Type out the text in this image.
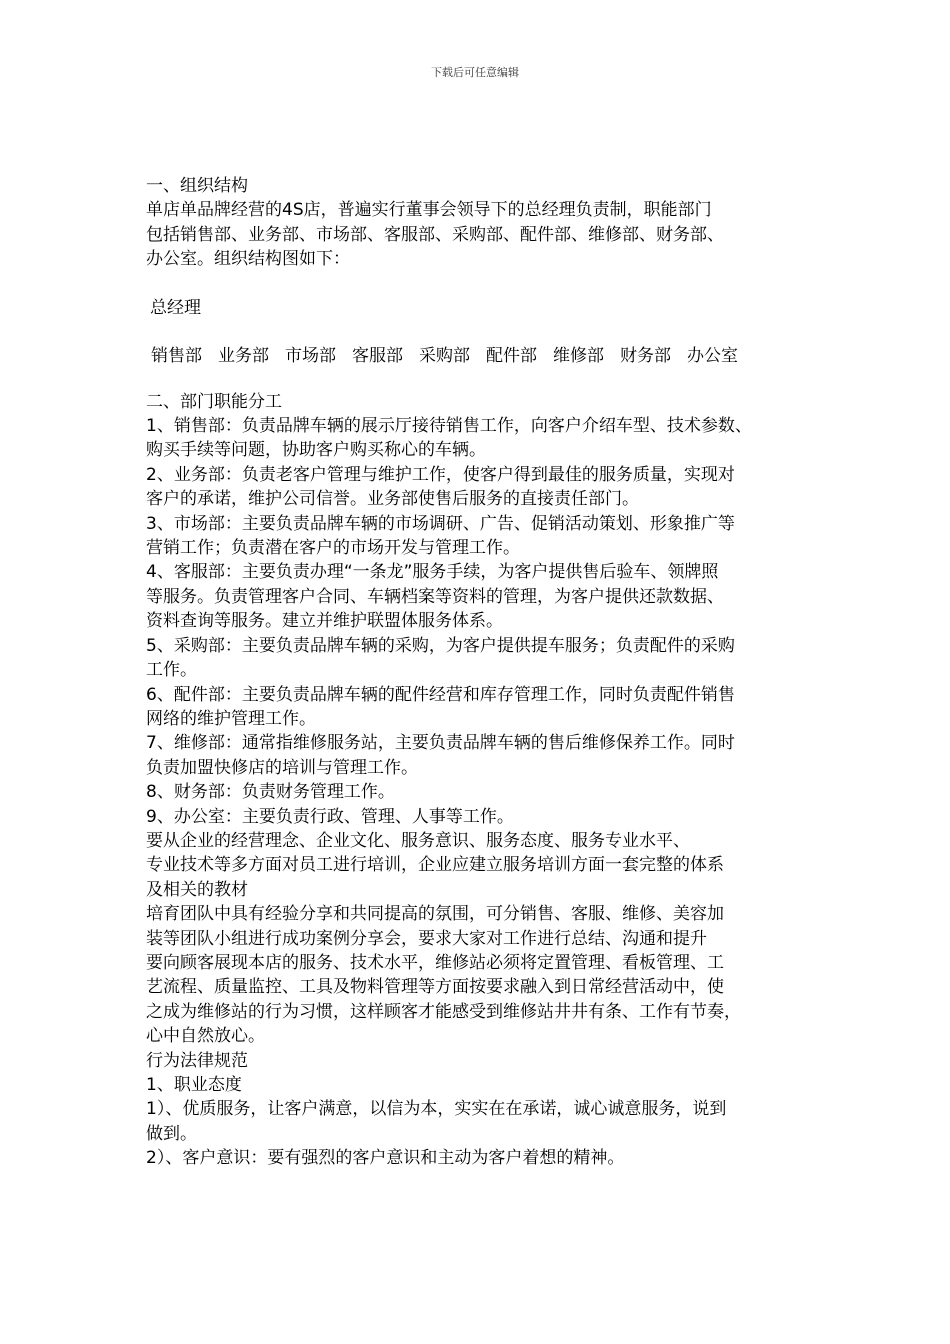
下载后可任意编辑
一、组织结构
单店单品牌经营的4S店，普遍实行董事会领导下的总经理负责制，职能部门
包括销售部、业务部、市场部、客服部、采购部、配件部、维修部、财务部、
办公室。组织结构图如下：
总经理
销售部 业务部 市场部 客服部 采购部 配件部 维修部 财务部 办公室
二、部门职能分工
1、销售部：负责品牌车辆的展示厅接待销售工作，向客户介绍车型、技术参数、
购买手续等问题，协助客户购买称心的车辆。
2、业务部：负责老客户管理与维护工作，使客户得到最佳的服务质量，实现对
客户的承诺，维护公司信誉。业务部使售后服务的直接责任部门。
3、市场部：主要负责品牌车辆的市场调研、广告、促销活动策划、形象推广等
营销工作；负责潜在客户的市场开发与管理工作。
4、客服部：主要负责办理“一条龙”服务手续，为客户提供售后验车、领牌照
等服务。负责管理客户合同、车辆档案等资料的管理，为客户提供还款数据、
资料查询等服务。建立并维护联盟体服务体系。
5、采购部：主要负责品牌车辆的采购，为客户提供提车服务；负责配件的采购
工作。
6、配件部：主要负责品牌车辆的配件经营和库存管理工作，同时负责配件销售
网络的维护管理工作。
7、维修部：通常指维修服务站，主要负责品牌车辆的售后维修保养工作。同时
负责加盟快修店的培训与管理工作。
8、财务部：负责财务管理工作。
9、办公室：主要负责行政、管理、人事等工作。
要从企业的经营理念、企业文化、服务意识、服务态度、服务专业水平、
专业技术等多方面对员工进行培训，企业应建立服务培训方面一套完整的体系
及相关的教材
培育团队中具有经验分享和共同提高的氛围，可分销售、客服、维修、美容加
装等团队小组进行成功案例分享会，要求大家对工作进行总结、沟通和提升
要向顾客展现本店的服务、技术水平，维修站必须将定置管理、看板管理、工
艺流程、质量监控、工具及物料管理等方面按要求融入到日常经营活动中，使
之成为维修站的行为习惯，这样顾客才能感受到维修站井井有条、工作有节奏，
心中自然放心。
行为法律规范
1、职业态度
1）、优质服务，让客户满意，以信为本，实实在在承诺，诚心诚意服务，说到
做到。
2）、客户意识：要有强烈的客户意识和主动为客户着想的精神。
